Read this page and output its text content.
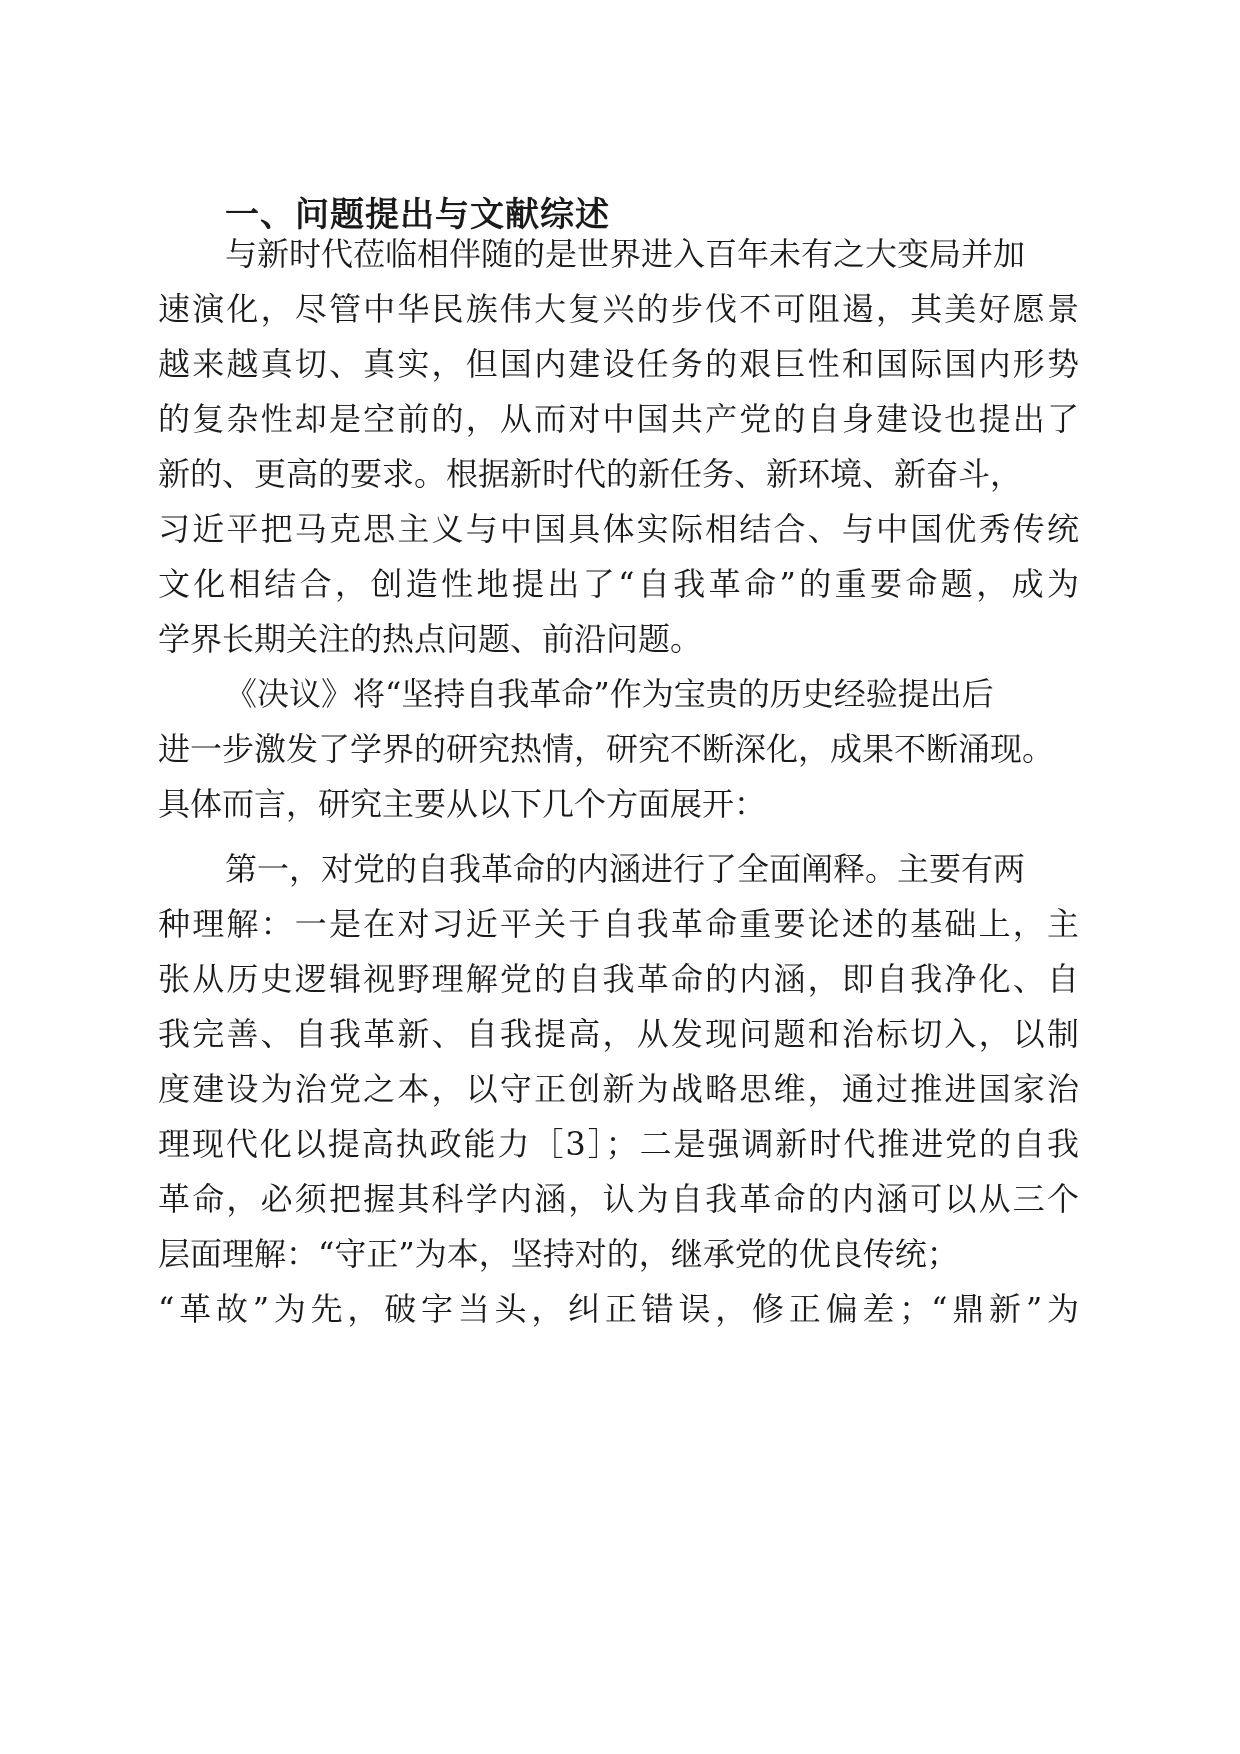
一、问题提出与文献综述
与新时代莅临相伴随的是世界进入百年未有之大变局并加
速演化，尽管中华民族伟大复兴的步伐不可阻遏，其美好愿景
越来越真切、真实，但国内建设任务的艰巨性和国际国内形势
的复杂性却是空前的，从而对中国共产党的自身建设也提出了
新的、更高的要求。根据新时代的新任务、新环境、新奋斗，
习近平把马克思主义与中国具体实际相结合、与中国优秀传统
文化相结合，创造性地提出了“自我革命”的重要命题，成为
学界长期关注的热点问题、前沿问题。
《决议》将“坚持自我革命”作为宝贵的历史经验提出后
进一步激发了学界的研究热情，研究不断深化，成果不断涌现。
具体而言，研究主要从以下几个方面展开：
第一，对党的自我革命的内涵进行了全面阐释。主要有两
种理解：一是在对习近平关于自我革命重要论述的基础上，主
张从历史逻辑视野理解党的自我革命的内涵，即自我净化、自
我完善、自我革新、自我提高，从发现问题和治标切入，以制
度建设为治党之本，以守正创新为战略思维，通过推进国家治
理现代化以提高执政能力［3］；二是强调新时代推进党的自我
革命，必须把握其科学内涵，认为自我革命的内涵可以从三个
层面理解：“守正”为本，坚持对的，继承党的优良传统；
“革故”为先，破字当头，纠正错误，修正偏差；“鼎新”为
